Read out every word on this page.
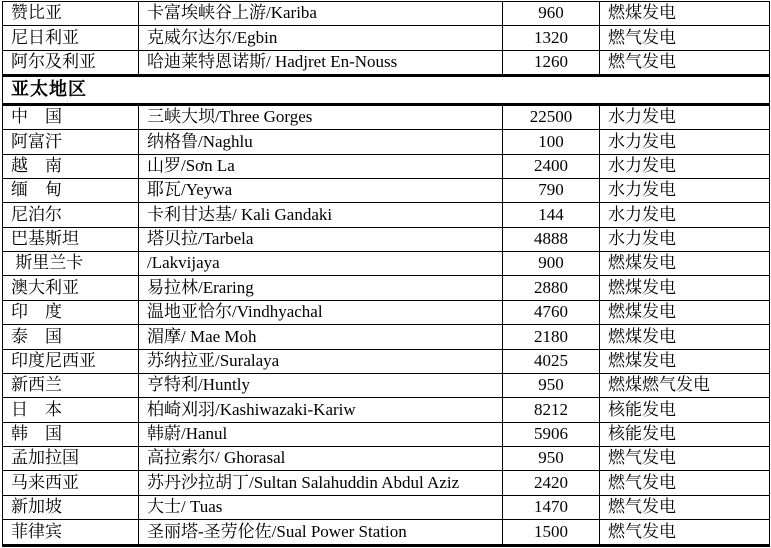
赞比亚	卡富埃峡谷上游/Kariba	960	燃煤发电
尼日利亚	克威尔达尔/Egbin	1320	燃气发电
阿尔及利亚	哈迪莱特恩诺斯/ Hadjret En-Nouss	1260	燃气发电
亚太地区			
中　国	三峡大坝/Three Gorges	22500	水力发电
阿富汗	纳格鲁/Naghlu	100	水力发电
越　南	山罗/Sơn La	2400	水力发电
缅　甸	耶瓦/Yeywa	790	水力发电
尼泊尔	卡利甘达基/ Kali Gandaki	144	水力发电
巴基斯坦	塔贝拉/Tarbela	4888	水力发电
斯里兰卡	/Lakvijaya	900	燃煤发电
澳大利亚	易拉林/Eraring	2880	燃煤发电
印　度	温地亚恰尔/Vindhyachal	4760	燃煤发电
泰　国	湄摩/ Mae Moh	2180	燃煤发电
印度尼西亚	苏纳拉亚/Suralaya	4025	燃煤发电
新西兰	亨特利/Huntly	950	燃煤燃气发电
日　本	柏崎刈羽/Kashiwazaki-Kariw	8212	核能发电
韩　国	韩蔚/Hanul	5906	核能发电
孟加拉国	高拉索尔/ Ghorasal	950	燃气发电
马来西亚	苏丹沙拉胡丁/Sultan Salahuddin Abdul Aziz	2420	燃气发电
新加坡	大士/ Tuas	1470	燃气发电
菲律宾	圣丽塔-圣劳伦佐/Sual Power Station	1500	燃气发电
